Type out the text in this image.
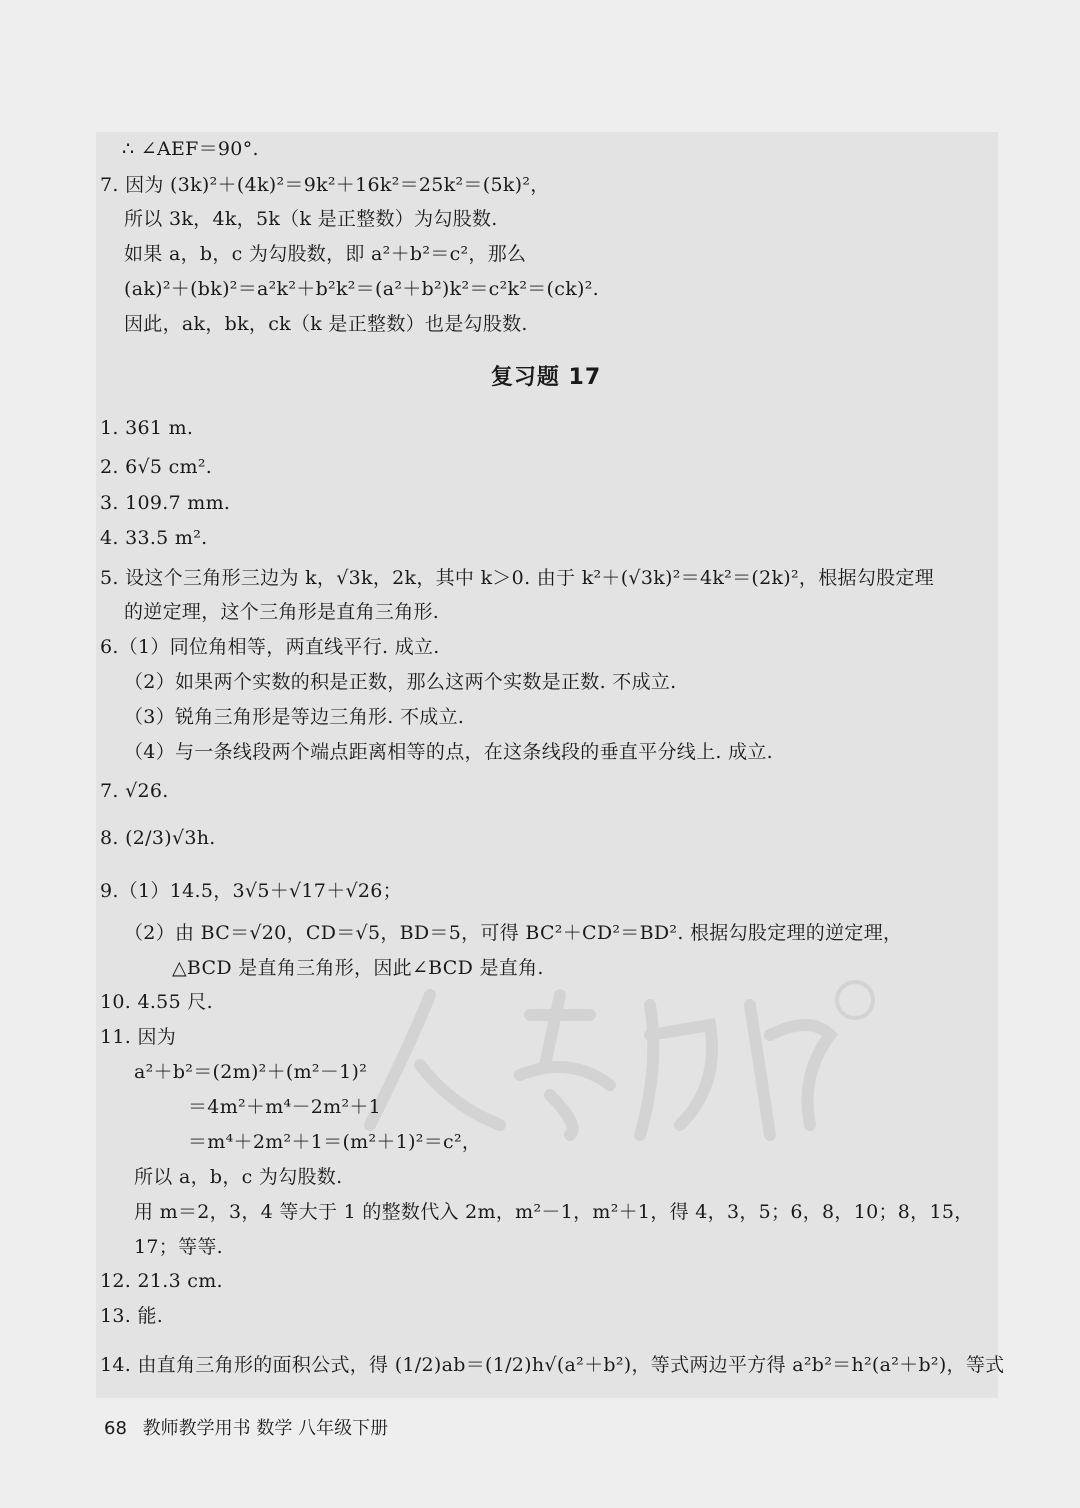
∴ ∠AEF＝90°.
7. 因为 (3k)²＋(4k)²＝9k²＋16k²＝25k²＝(5k)²，
所以 3k，4k，5k（k 是正整数）为勾股数.
如果 a，b，c 为勾股数，即 a²＋b²＝c²，那么
(ak)²＋(bk)²＝a²k²＋b²k²＝(a²＋b²)k²＝c²k²＝(ck)².
因此，ak，bk，ck（k 是正整数）也是勾股数.
复习题 17
1. 361 m.
2. 6√5 cm².
3. 109.7 mm.
4. 33.5 m².
5. 设这个三角形三边为 k，√3k，2k，其中 k＞0. 由于 k²＋(√3k)²＝4k²＝(2k)²，根据勾股定理
的逆定理，这个三角形是直角三角形.
6.（1）同位角相等，两直线平行. 成立.
（2）如果两个实数的积是正数，那么这两个实数是正数. 不成立.
（3）锐角三角形是等边三角形. 不成立.
（4）与一条线段两个端点距离相等的点，在这条线段的垂直平分线上. 成立.
7. √26.
8. (2/3)√3h.
9.（1）14.5，3√5＋√17＋√26；
（2）由 BC＝√20，CD＝√5，BD＝5，可得 BC²＋CD²＝BD². 根据勾股定理的逆定理，
△BCD 是直角三角形，因此∠BCD 是直角.
10. 4.55 尺.
11. 因为
a²＋b²＝(2m)²＋(m²－1)²
＝4m²＋m⁴－2m²＋1
＝m⁴＋2m²＋1＝(m²＋1)²＝c²，
所以 a，b，c 为勾股数.
用 m＝2，3，4 等大于 1 的整数代入 2m，m²－1，m²＋1，得 4，3，5；6，8，10；8，15，
17；等等.
12. 21.3 cm.
13. 能.
14. 由直角三角形的面积公式，得 (1/2)ab＝(1/2)h√(a²＋b²)，等式两边平方得 a²b²＝h²(a²＋b²)，等式
68 教师教学用书 数学 八年级下册
